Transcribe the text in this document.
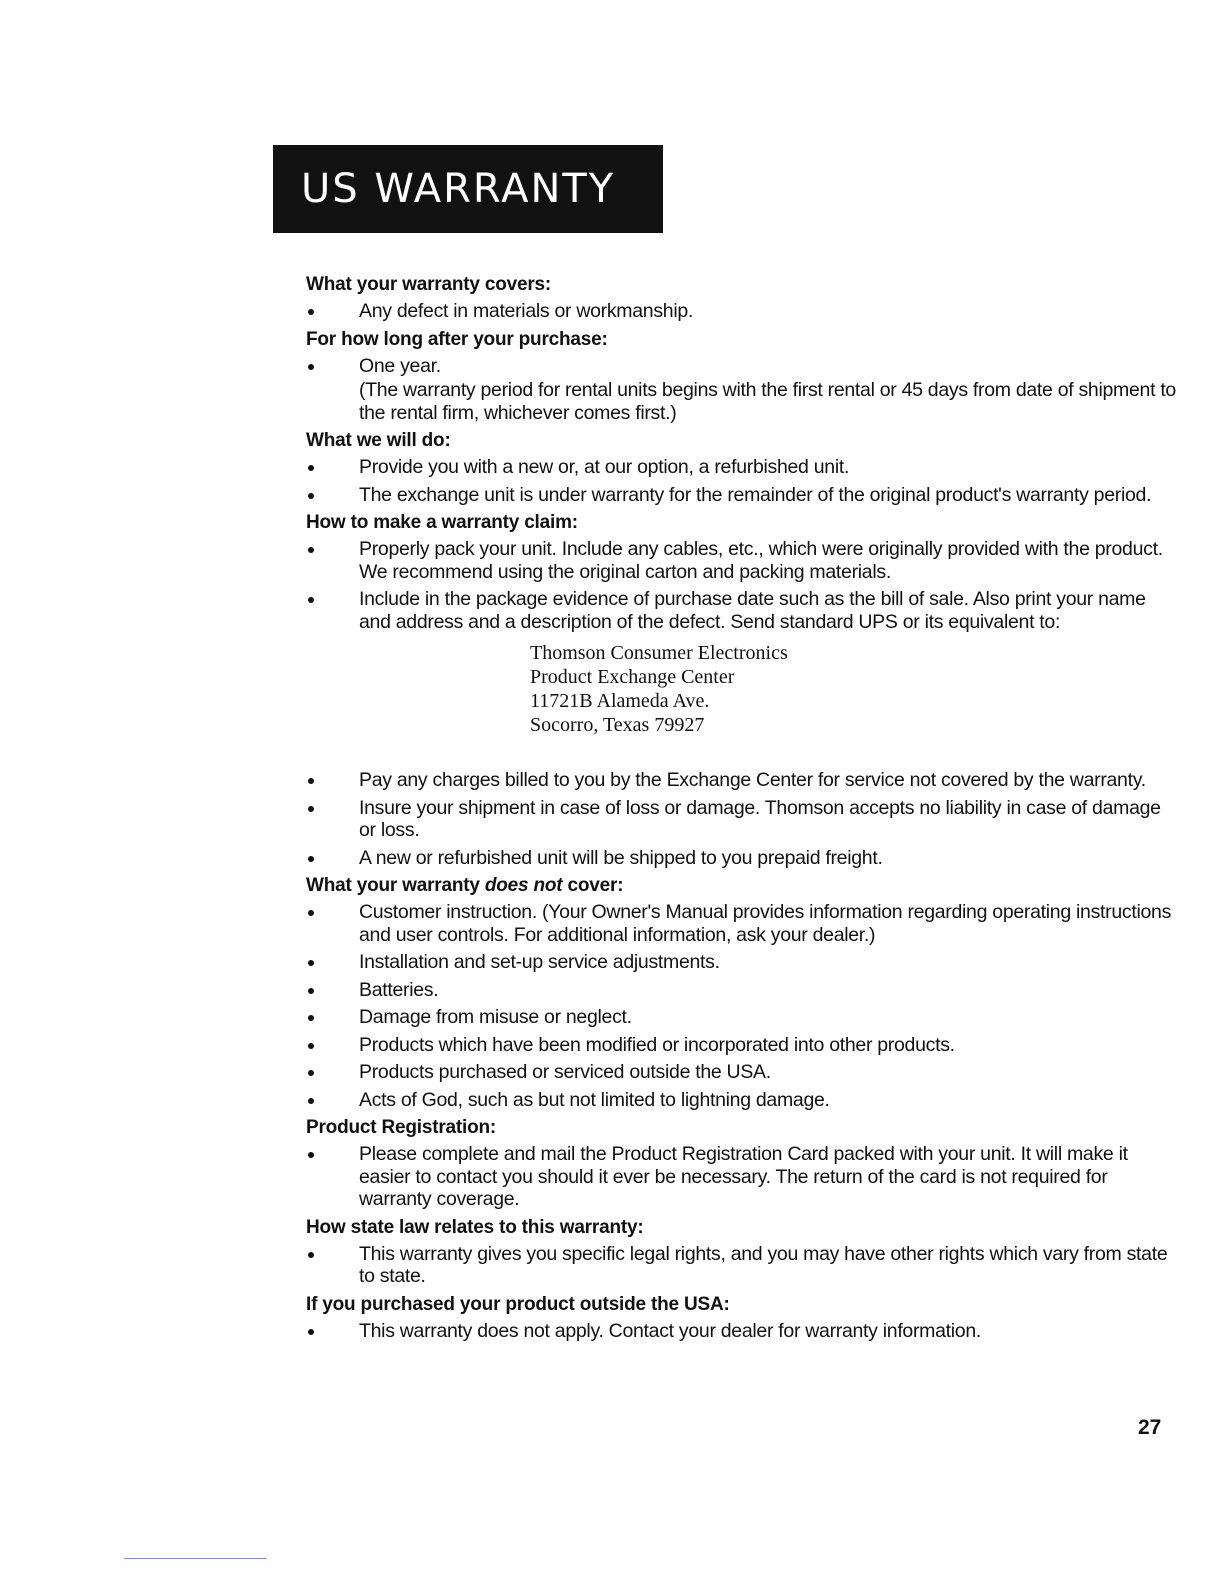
US WARRANTY
What your warranty covers:
Any defect in materials or workmanship.
For how long after your purchase:
One year.
(The warranty period for rental units begins with the first rental or 45 days from date of shipment to the rental firm, whichever comes first.)
What we will do:
Provide you with a new or, at our option, a refurbished unit.
The exchange unit is under warranty for the remainder of the original product's warranty period.
How to make a warranty claim:
Properly pack your unit. Include any cables, etc., which were originally provided with the product. We recommend using the original carton and packing materials.
Include in the package evidence of purchase date such as the bill of sale. Also print your name and address and a description of the defect. Send standard UPS or its equivalent to:
Thomson Consumer Electronics
Product Exchange Center
11721B Alameda Ave.
Socorro, Texas 79927
Pay any charges billed to you by the Exchange Center for service not covered by the warranty.
Insure your shipment in case of loss or damage. Thomson accepts no liability in case of damage or loss.
A new or refurbished unit will be shipped to you prepaid freight.
What your warranty does not cover:
Customer instruction. (Your Owner's Manual provides information regarding operating instructions and user controls. For additional information, ask your dealer.)
Installation and set-up service adjustments.
Batteries.
Damage from misuse or neglect.
Products which have been modified or incorporated into other products.
Products purchased or serviced outside the USA.
Acts of God, such as but not limited to lightning damage.
Product Registration:
Please complete and mail the Product Registration Card packed with your unit. It will make it easier to contact you should it ever be necessary. The return of the card is not required for warranty coverage.
How state law relates to this warranty:
This warranty gives you specific legal rights, and you may have other rights which vary from state to state.
If you purchased your product outside the USA:
This warranty does not apply. Contact your dealer for warranty information.
27
